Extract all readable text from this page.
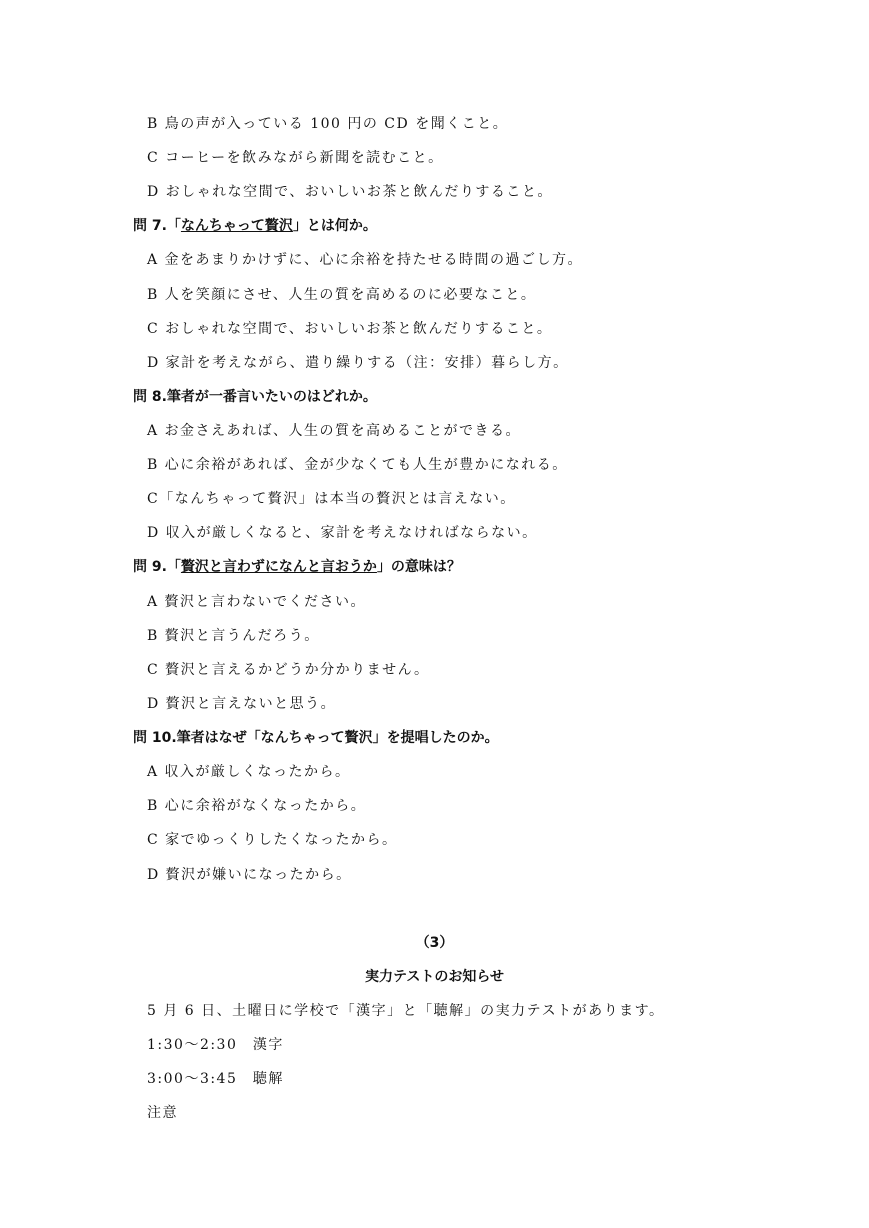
B 鳥の声が入っている 100 円の CD を聞くこと。
C コーヒーを飲みながら新聞を読むこと。
D おしゃれな空間で、おいしいお茶と飲んだりすること。
問 7.「なんちゃって贅沢」とは何か。
A 金をあまりかけずに、心に余裕を持たせる時間の過ごし方。
B 人を笑顔にさせ、人生の質を高めるのに必要なこと。
C おしゃれな空間で、おいしいお茶と飲んだりすること。
D 家計を考えながら、遣り繰りする（注：安排）暮らし方。
問 8.筆者が一番言いたいのはどれか。
A お金さえあれば、人生の質を高めることができる。
B 心に余裕があれば、金が少なくても人生が豊かになれる。
C「なんちゃって贅沢」は本当の贅沢とは言えない。
D 収入が厳しくなると、家計を考えなければならない。
問 9.「贅沢と言わずになんと言おうか」の意味は？
A 贅沢と言わないでください。
B 贅沢と言うんだろう。
C 贅沢と言えるかどうか分かりません。
D 贅沢と言えないと思う。
問 10.筆者はなぜ「なんちゃって贅沢」を提唱したのか。
A 収入が厳しくなったから。
B 心に余裕がなくなったから。
C 家でゆっくりしたくなったから。
D 贅沢が嫌いになったから。
（3）
実力テストのお知らせ
5 月 6 日、土曜日に学校で「漢字」と「聴解」の実力テストがあります。
1:30～2:30　漢字
3:00～3:45　聴解
注意
